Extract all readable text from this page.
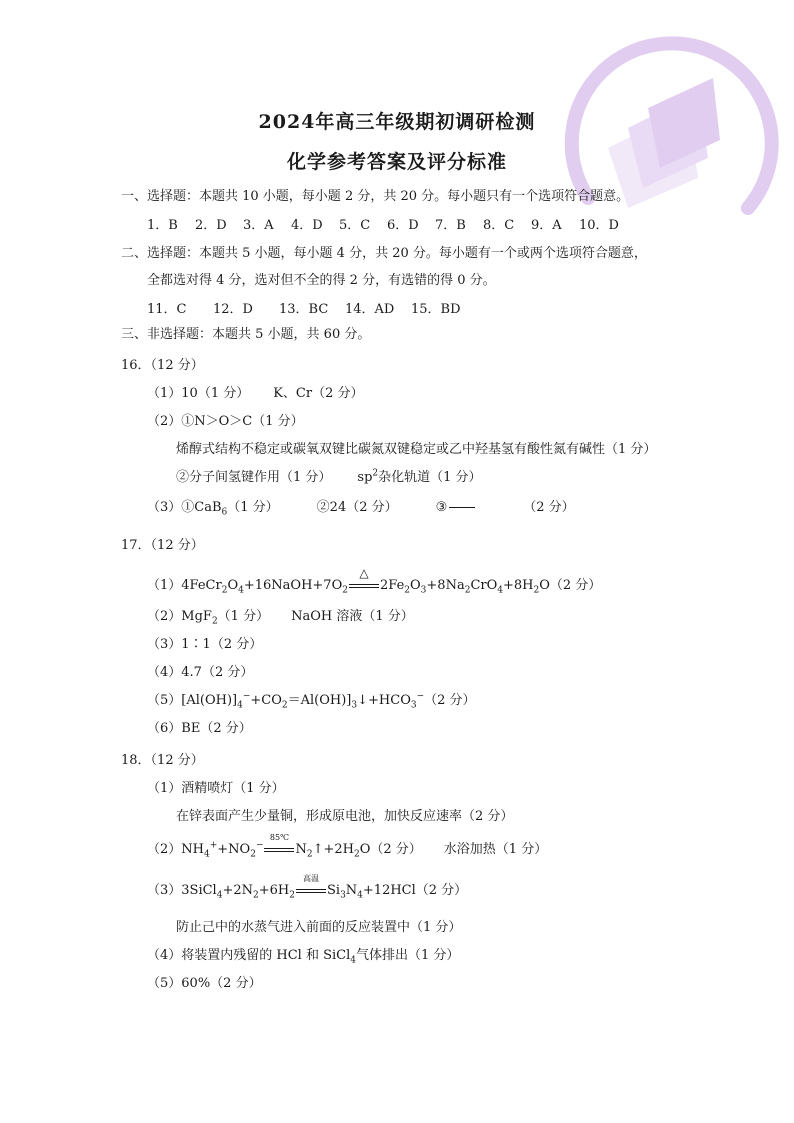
2024年高三年级期初调研检测
化学参考答案及评分标准
一、选择题：本题共 10 小题，每小题 2 分，共 20 分。每小题只有一个选项符合题意。
1．B 2．D 3．A 4．D 5．C 6．D 7．B 8．C 9．A 10．D
二、选择题：本题共 5 小题，每小题 4 分，共 20 分。每小题有一个或两个选项符合题意，
全都选对得 4 分，选对但不全的得 2 分，有选错的得 0 分。
11．C 12．D 13．BC 14．AD 15．BD
三、非选择题：本题共 5 小题，共 60 分。
16．（12 分）
（1）10（1 分） K、Cr（2 分）
（2）①N＞O＞C（1 分）
烯醇式结构不稳定或碳氧双键比碳氮双键稳定或乙中羟基氢有酸性氮有碱性（1 分）
②分子间氢键作用（1 分） $sp^2$杂化轨道（1 分）
（3）①CaB$_6$（1 分）	②24（2 分）	③	（2 分）
17．（12 分）
$(1)4FeCr_2O_4+16NaOH+7O_2$
△
$2Fe_2O_3+8Na_2CrO_4+8H_2O(2$ 分）
（2）MgF$_2$（1 分） NaOH 溶液（1 分）
（3）1∶1（2 分）
（4）4.7（2 分）
$(5)[Al(OH)]_4^-+CO_2=Al(OH)]_3↓+HCO_3^-(2$ 分）
（6）BE（2 分）
18．（12 分）
（1）酒精喷灯（1 分）
在锌表面产生少量铜，形成原电池，加快反应速率（2 分）
$(2)NH_4^++NO_2^-$
85℃
$N_2↑+2H_2O(2$ 分） 水浴加热（1 分）
$(3)3SiCl_4+2N_2+6H_2$
高温
$Si_3N_4+12HCl(2$ 分）
防止己中的水蒸气进入前面的反应装置中（1 分）
（4）将装置内残留的 HCl 和 SiCl$_4$气体排出（1 分）
（5）60%（2 分）
